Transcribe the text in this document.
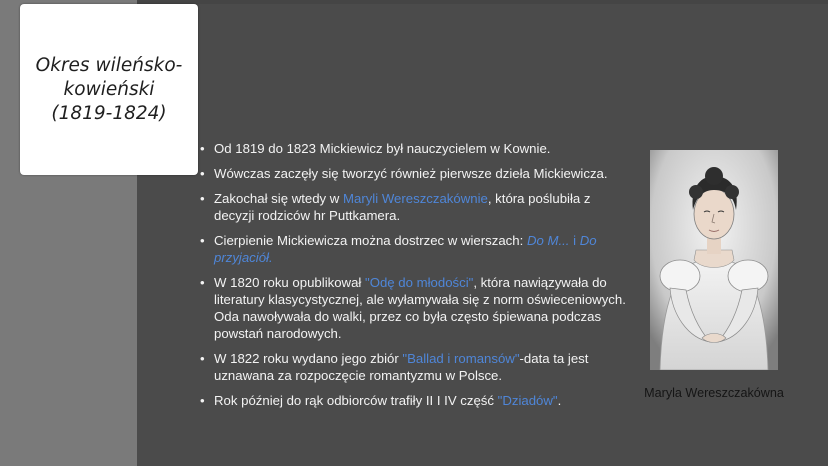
Okres wileńsko-
kowieński
(1819-1824)
• Od 1819 do 1823 Mickiewicz był nauczycielem w Kownie.
• Wówczas zaczęły się tworzyć również pierwsze dzieła Mickiewicza.
• Zakochał się wtedy w Maryli Wereszczakównie, która poślubiła z decyzji rodziców hr Puttkamera.
• Cierpienie Mickiewicza można dostrzec w wierszach: Do M... i Do przyjaciół.
• W 1820 roku opublikował "Odę do młodości", która nawiązywała do literatury klasycystycznej, ale wyłamywała się z norm oświeceniowych. Oda nawoływała do walki, przez co była często śpiewana podczas powstań narodowych.
• W 1822 roku wydano jego zbiór "Ballad i romansów"-data ta jest uznawana za rozpoczęcie romantyzmu w Polsce.
• Rok później do rąk odbiorców trafiły II I IV część "Dziadów".	Maryla Wereszczakówna
